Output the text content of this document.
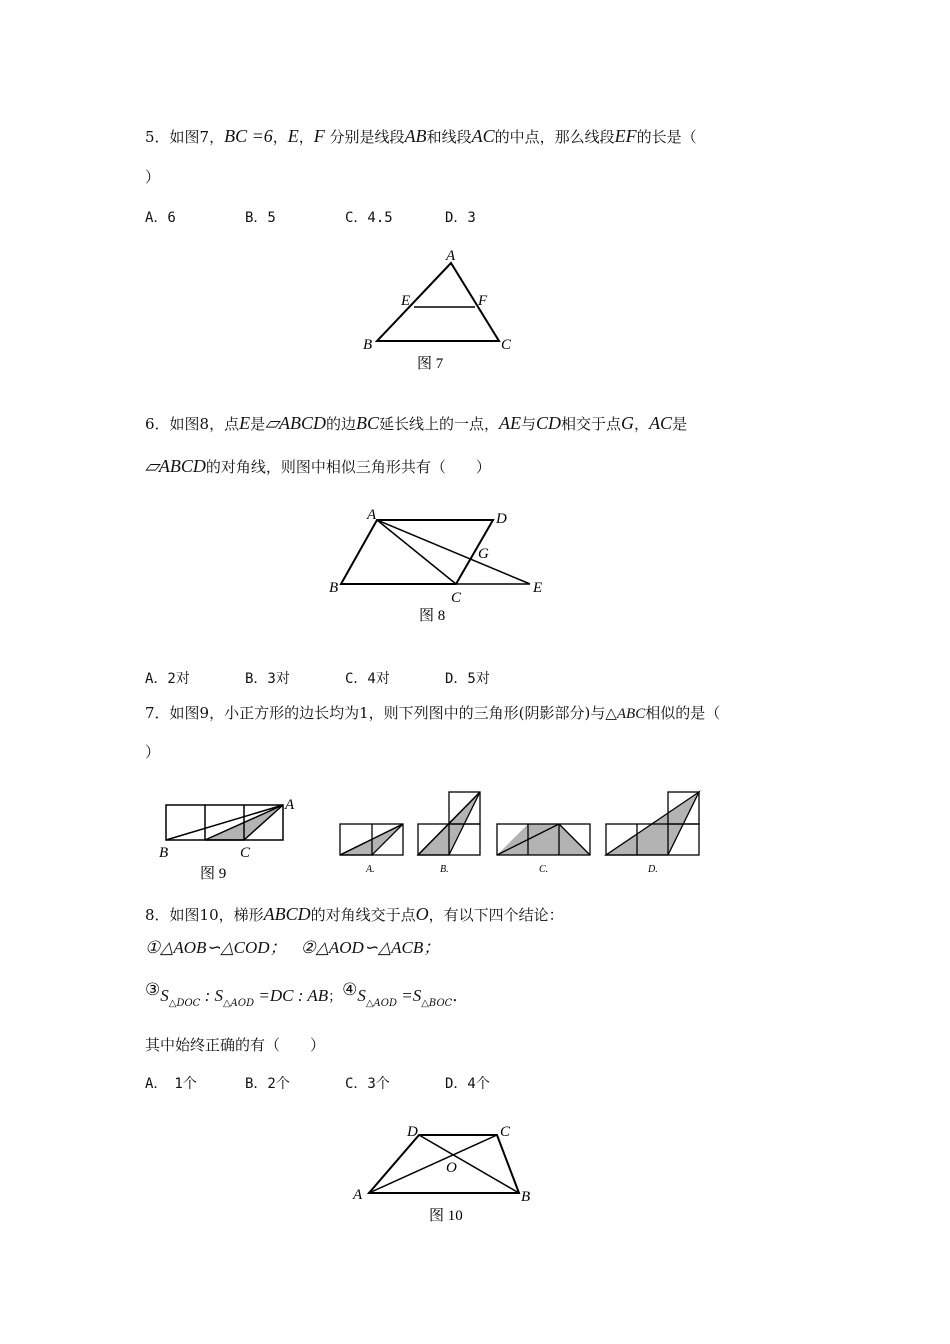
5．如图7，BC =6，E，F 分别是线段AB和线段AC的中点，那么线段EF的长是（
）
A．6	B．5	C．4.5	D．3
A
E	F
B	C
图 7
6．如图8，点E是▱ABCD的边BC延长线上的一点，AE与CD相交于点G，AC是
▱ABCD的对角线，则图中相似三角形共有（　　）
A	D
G
B
C
E
图 8
A．2对	B．3对	C．4对	D．5对
7．如图9，小正方形的边长均为1，则下列图中的三角形(阴影部分)与△ABC相似的是（
）
A
B	C
图 9	A.	B.	C.	D.
8．如图10，梯形ABCD的对角线交于点O，有以下四个结论：
①△AOB∽△COD； ②△AOD∽△ACB；
$③S_{\triangle DOC}$ : $S_{\triangle AOD} =DC$ : AB；$④S_{\triangle AOD} =S_{\triangle BOC}$．
其中始终正确的有（　　）
A．　1个	B．2个	C．3个	D．4个
D	C
O
A	B
图 10
